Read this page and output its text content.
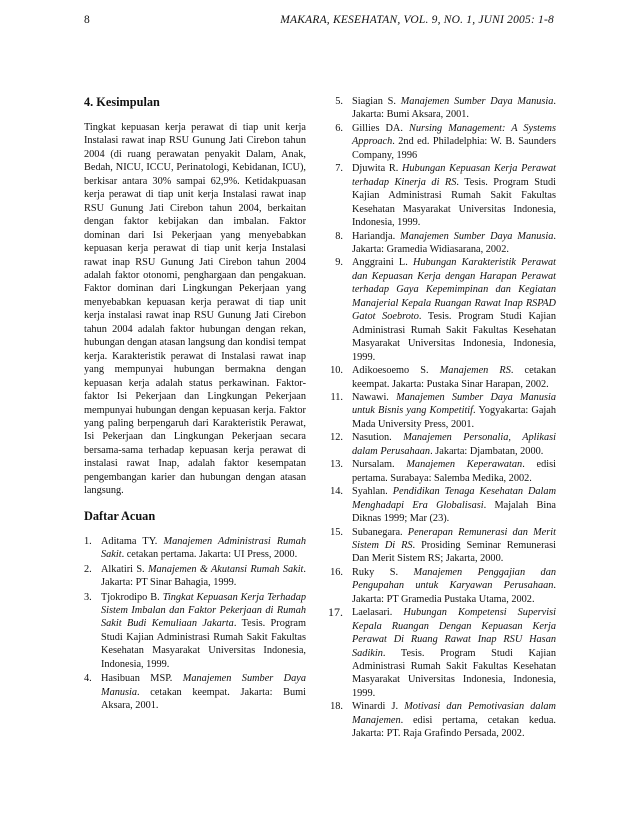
8	MAKARA, KESEHATAN, VOL. 9, NO. 1, JUNI 2005: 1-8
4. Kesimpulan

Tingkat kepuasan kerja perawat di tiap unit kerja Instalasi rawat inap RSU Gunung Jati Cirebon tahun 2004 (di ruang perawatan penyakit Dalam, Anak, Bedah, NICU, ICCU, Perinatologi, Kebidanan, ICU), berkisar antara 30% sampai 62,9%. Ketidakpuasan kerja perawat di tiap unit kerja Instalasi rawat inap RSU Gunung Jati Cirebon tahun 2004, berkaitan dengan faktor kebijakan dan imbalan. Faktor dominan dari Isi Pekerjaan yang menyebabkan kepuasan kerja perawat di tiap unit kerja Instalasi rawat inap RSU Gunung Jati Cirebon tahun 2004 adalah faktor otonomi, penghargaan dan pengakuan. Faktor dominan dari Lingkungan Pekerjaan yang menyebabkan kepuasan kerja perawat di tiap unit kerja instalasi rawat inap RSU Gunung Jati Cirebon tahun 2004 adalah faktor hubungan dengan rekan, hubungan dengan atasan langsung dan kondisi tempat kerja. Karakteristik perawat di Instalasi rawat inap yang mempunyai hubungan bermakna dengan kepuasan kerja adalah status perkawinan. Faktor-faktor Isi Pekerjaan dan Lingkungan Pekerjaan mempunyai hubungan dengan kepuasan kerja. Faktor yang paling berpengaruh dari Karakteristik Perawat, Isi Pekerjaan dan Lingkungan Pekerjaan secara bersama-sama terhadap kepuasan kerja perawat di instalasi rawat Inap, adalah faktor kesempatan pengembangan karier dan hubungan dengan atasan langsung.

Daftar Acuan
1. Aditama TY. Manajemen Administrasi Rumah Sakit. cetakan pertama. Jakarta: UI Press, 2000.
2. Alkatiri S. Manajemen & Akutansi Rumah Sakit. Jakarta: PT Sinar Bahagia, 1999.
3. Tjokrodipo B. Tingkat Kepuasan Kerja Terhadap Sistem Imbalan dan Faktor Pekerjaan di Rumah Sakit Budi Kemuliaan Jakarta. Tesis. Program Studi Kajian Administrasi Rumah Sakit Fakultas Kesehatan Masyarakat Universitas Indonesia, Indonesia, 1999.
4. Hasibuan MSP. Manajemen Sumber Daya Manusia. cetakan keempat. Jakarta: Bumi Aksara, 2001.
5. Siagian S. Manajemen Sumber Daya Manusia. Jakarta: Bumi Aksara, 2001.
6. Gillies DA. Nursing Management: A Systems Approach. 2nd ed. Philadelphia: W. B. Saunders Company, 1996
7. Djuwita R. Hubungan Kepuasan Kerja Perawat terhadap Kinerja di RS. Tesis. Program Studi Kajian Administrasi Rumah Sakit Fakultas Kesehatan Masyarakat Universitas Indonesia, Indonesia, 1999.
8. Hariandja. Manajemen Sumber Daya Manusia. Jakarta: Gramedia Widiasarana, 2002.
9. Anggraini L. Hubungan Karakteristik Perawat dan Kepuasan Kerja dengan Harapan Perawat terhadap Gaya Kepemimpinan dan Kegiatan Manajerial Kepala Ruangan Rawat Inap RSPAD Gatot Soebroto. Tesis. Program Studi Kajian Administrasi Rumah Sakit Fakultas Kesehatan Masyarakat Universitas Indonesia, Indonesia, 1999.
10. Adikoesoemo S. Manajemen RS. cetakan keempat. Jakarta: Pustaka Sinar Harapan, 2002.
11. Nawawi. Manajemen Sumber Daya Manusia untuk Bisnis yang Kompetitif. Yogyakarta: Gajah Mada University Press, 2001.
12. Nasution. Manajemen Personalia, Aplikasi dalam Perusahaan. Jakarta: Djambatan, 2000.
13. Nursalam. Manajemen Keperawatan. edisi pertama. Surabaya: Salemba Medika, 2002.
14. Syahlan. Pendidikan Tenaga Kesehatan Dalam Menghadapi Era Globalisasi. Majalah Bina Diknas 1999; Mar (23).
15. Subanegara. Penerapan Remunerasi dan Merit Sistem Di RS. Prosiding Seminar Remunerasi Dan Merit Sistem RS; Jakarta, 2000.
16. Ruky S. Manajemen Penggajian dan Pengupahan untuk Karyawan Perusahaan. Jakarta: PT Gramedia Pustaka Utama, 2002.
17. Laelasari. Hubungan Kompetensi Supervisi Kepala Ruangan Dengan Kepuasan Kerja Perawat Di Ruang Rawat Inap RSU Hasan Sadikin. Tesis. Program Studi Kajian Administrasi Rumah Sakit Fakultas Kesehatan Masyarakat Universitas Indonesia, Indonesia, 1999.
18. Winardi J. Motivasi dan Pemotivasian dalam Manajemen. edisi pertama, cetakan kedua. Jakarta: PT. Raja Grafindo Persada, 2002.
